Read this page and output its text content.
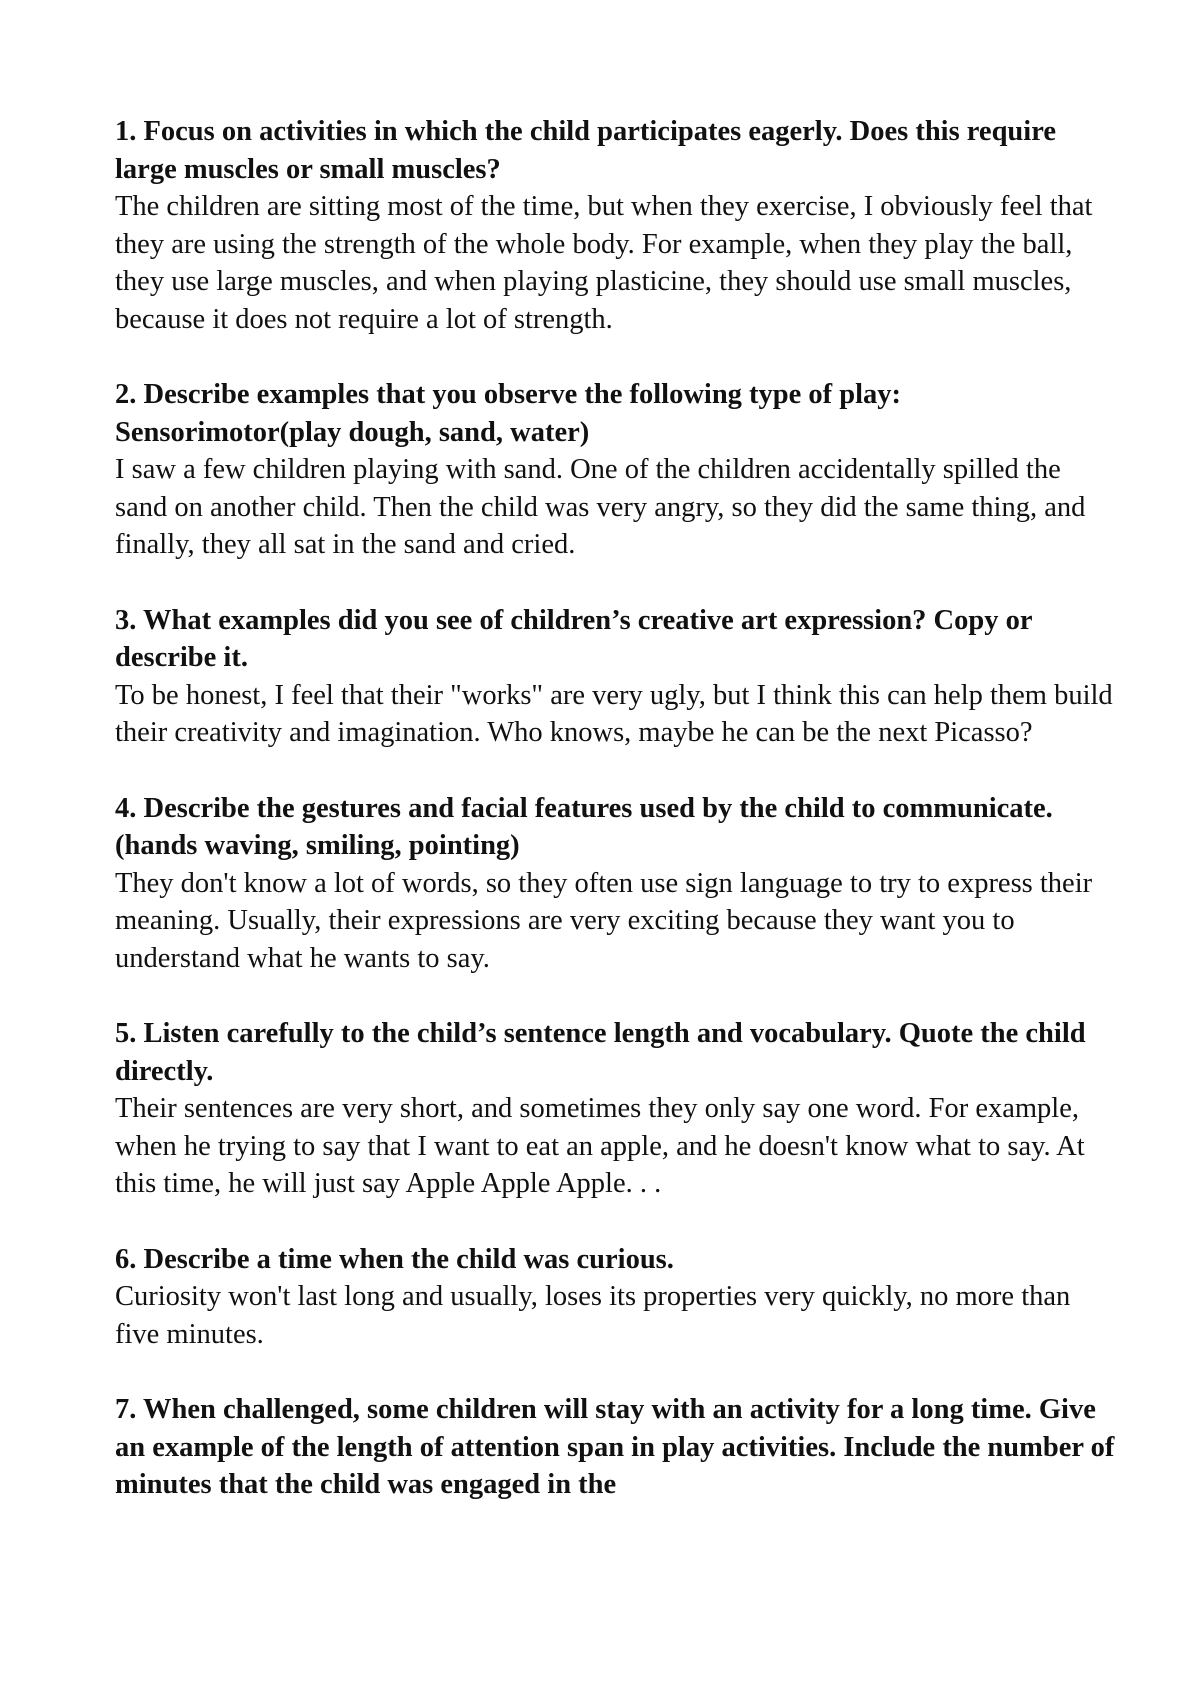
1. Focus on activities in which the child participates eagerly. Does this require large muscles or small muscles?

The children are sitting most of the time, but when they exercise, I obviously feel that they are using the strength of the whole body. For example, when they play the ball, they use large muscles, and when playing plasticine, they should use small muscles, because it does not require a lot of strength.

2. Describe examples that you observe the following type of play: Sensorimotor(play dough, sand, water)

I saw a few children playing with sand. One of the children accidentally spilled the sand on another child. Then the child was very angry, so they did the same thing, and finally, they all sat in the sand and cried.

3. What examples did you see of children’s creative art expression? Copy or describe it.

To be honest, I feel that their "works" are very ugly, but I think this can help them build their creativity and imagination. Who knows, maybe he can be the next Picasso?

4. Describe the gestures and facial features used by the child to communicate. (hands waving, smiling, pointing)

They don't know a lot of words, so they often use sign language to try to express their meaning. Usually, their expressions are very exciting because they want you to understand what he wants to say.

5. Listen carefully to the child’s sentence length and vocabulary. Quote the child directly.

Their sentences are very short, and sometimes they only say one word. For example, when he trying to say that I want to eat an apple, and he doesn't know what to say. At this time, he will just say Apple Apple Apple. . .

6. Describe a time when the child was curious.

Curiosity won't last long and usually, loses its properties very quickly, no more than five minutes.

7. When challenged, some children will stay with an activity for a long time. Give an example of the length of attention span in play activities. Include the number of minutes that the child was engaged in the
